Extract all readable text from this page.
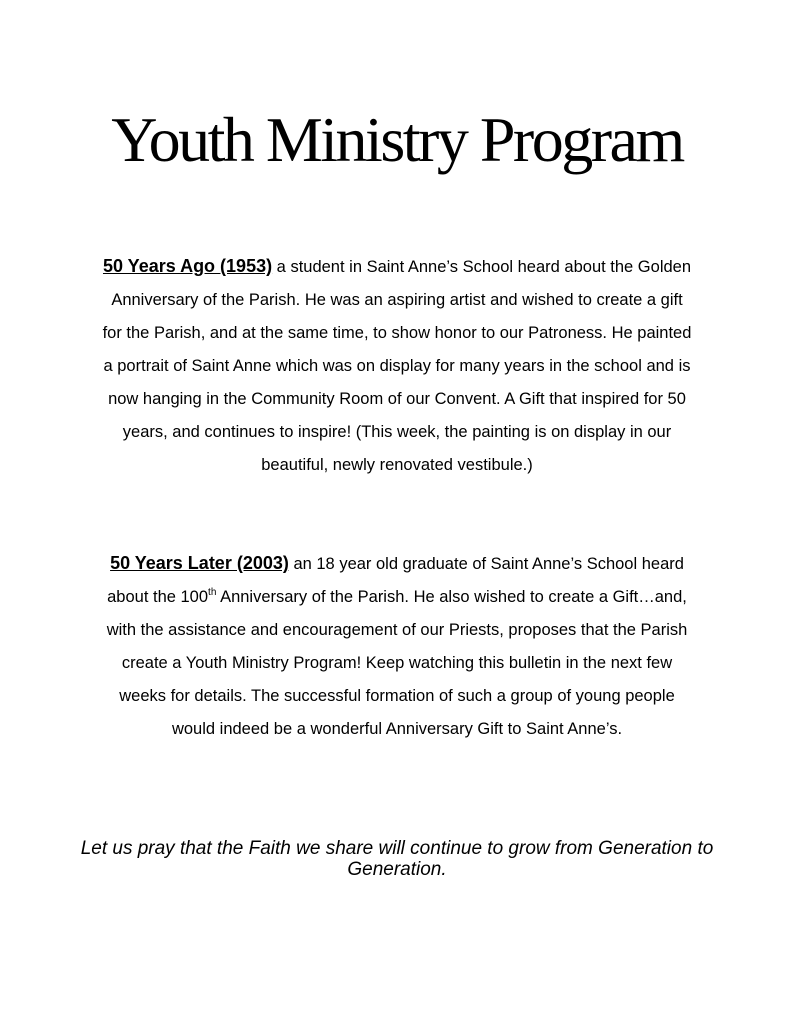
Youth Ministry Program

50 Years Ago (1953) a student in Saint Anne’s School heard about the Golden Anniversary of the Parish. He was an aspiring artist and wished to create a gift for the Parish, and at the same time, to show honor to our Patroness. He painted a portrait of Saint Anne which was on display for many years in the school and is now hanging in the Community Room of our Convent. A Gift that inspired for 50 years, and continues to inspire! (This week, the painting is on display in our beautiful, newly renovated vestibule.)

50 Years Later (2003) an 18 year old graduate of Saint Anne’s School heard about the 100th Anniversary of the Parish. He also wished to create a Gift…and, with the assistance and encouragement of our Priests, proposes that the Parish create a Youth Ministry Program! Keep watching this bulletin in the next few weeks for details. The successful formation of such a group of young people would indeed be a wonderful Anniversary Gift to Saint Anne’s.

Let us pray that the Faith we share will continue to grow from Generation to Generation.
